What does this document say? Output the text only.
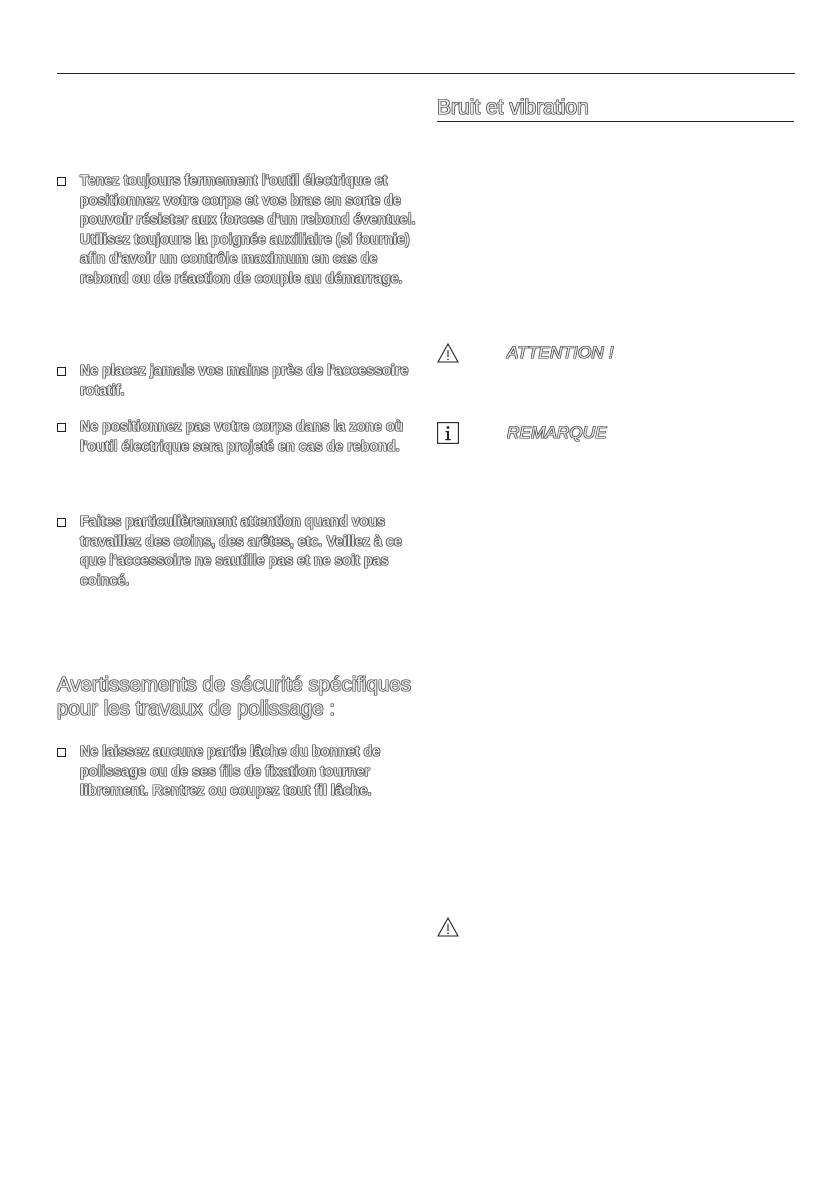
Tenez toujours fermement l'outil électrique et positionnez votre corps et vos bras en sorte de pouvoir résister aux forces d'un rebond éventuel. Utilisez toujours la poignée auxiliaire (si fournie) afin d'avoir un contrôle maximum en cas de rebond ou de réaction de couple au démarrage.
Ne placez jamais vos mains près de l'accessoire rotatif.
Ne positionnez pas votre corps dans la zone où l'outil électrique sera projeté en cas de rebond.
Faites particulièrement attention quand vous travaillez des coins, des arêtes, etc. Veillez à ce que l'accessoire ne sautille pas et ne soit pas coincé.
Avertissements de sécurité spécifiques pour les travaux de polissage :
Ne laissez aucune partie lâche du bonnet de polissage ou de ses fils de fixation tourner librement. Rentrez ou coupez tout fil lâche.
Bruit et vibration
ATTENTION !
REMARQUE
